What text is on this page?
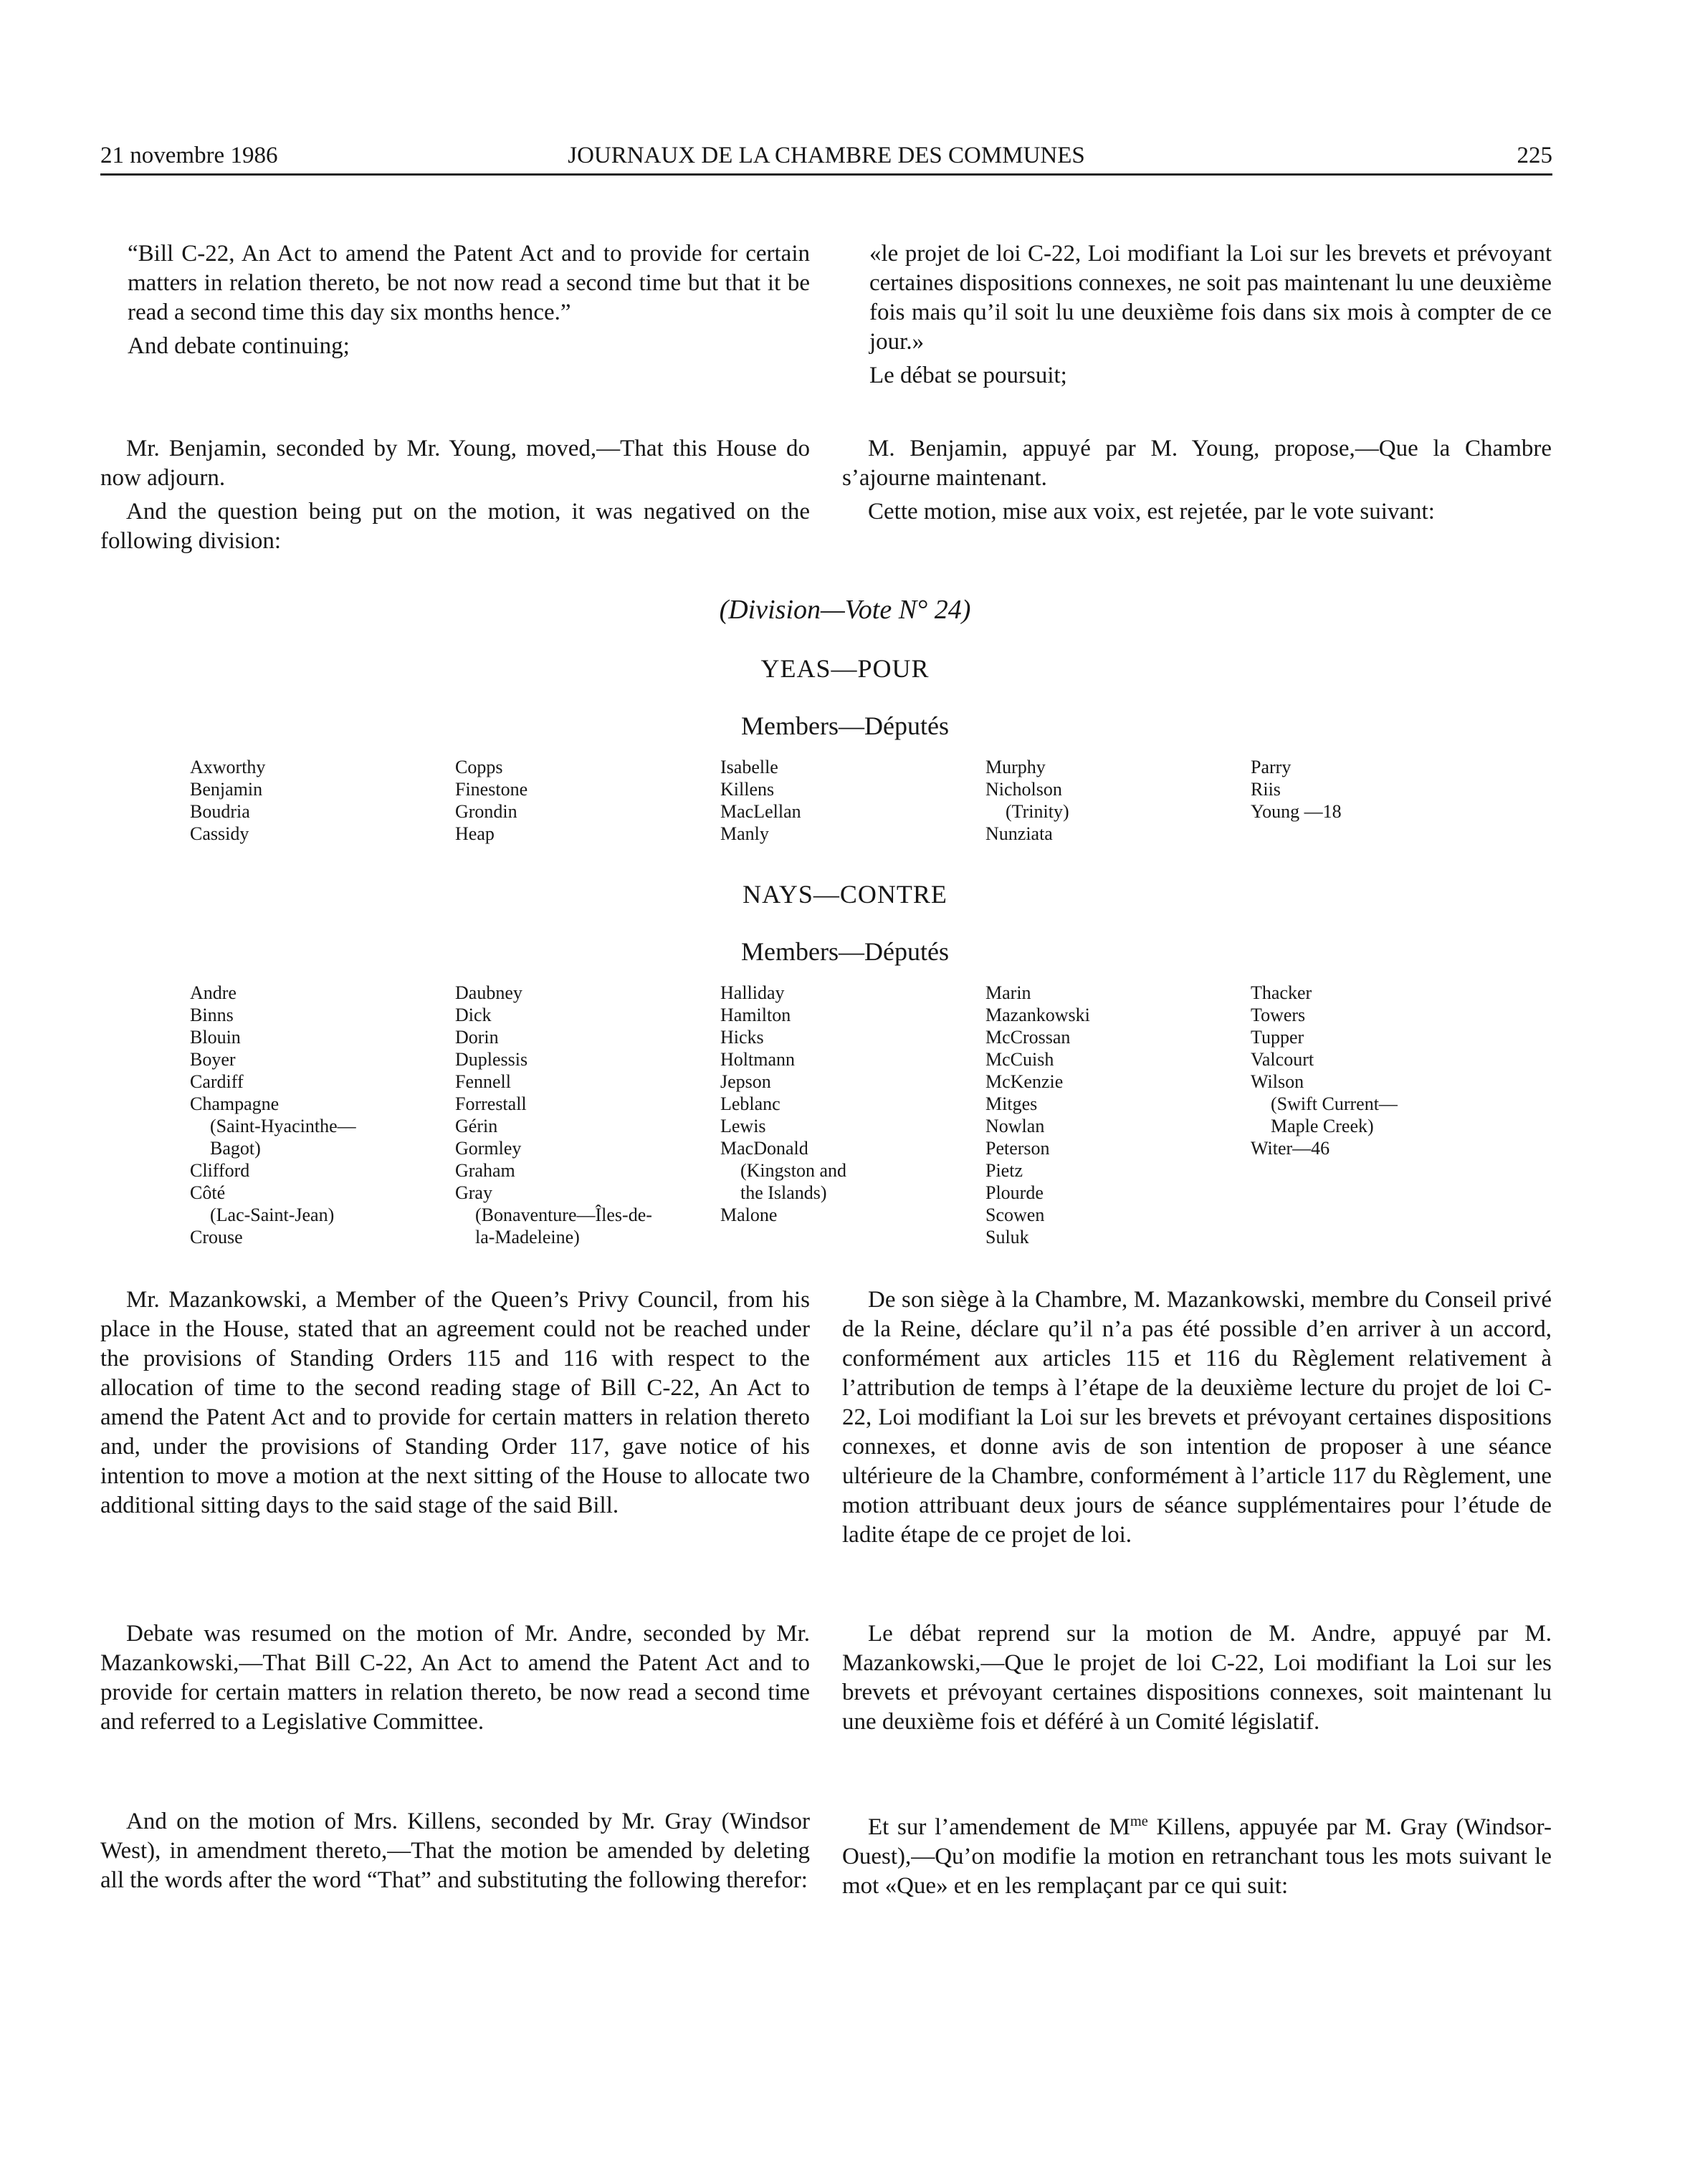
21 novembre 1986	JOURNAUX DE LA CHAMBRE DES COMMUNES	225

“Bill C-22, An Act to amend the Patent Act and to provide for certain matters in relation thereto, be not now read a second time but that it be read a second time this day six months hence.”

And debate continuing;

«le projet de loi C-22, Loi modifiant la Loi sur les brevets et prévoyant certaines dispositions connexes, ne soit pas maintenant lu une deuxième fois mais qu’il soit lu une deuxième fois dans six mois à compter de ce jour.»

Le débat se poursuit;

Mr. Benjamin, seconded by Mr. Young, moved,—That this House do now adjourn.

And the question being put on the motion, it was negatived on the following division:

M. Benjamin, appuyé par M. Young, propose,—Que la Chambre s’ajourne maintenant.

Cette motion, mise aux voix, est rejetée, par le vote suivant:

(Division—Vote N° 24)
YEAS—POUR
Members—Députés
Axworthy
Benjamin
Boudria
Cassidy
Copps
Finestone
Grondin
Heap
Isabelle
Killens
MacLellan
Manly
Murphy
Nicholson
(Trinity)
Nunziata
Parry
Riis
Young —18
NAYS—CONTRE
Members—Députés
Andre
Binns
Blouin
Boyer
Cardiff
Champagne
(Saint-Hyacinthe—
Bagot)
Clifford
Côté
(Lac-Saint-Jean)
Crouse
Daubney
Dick
Dorin
Duplessis
Fennell
Forrestall
Gérin
Gormley
Graham
Gray
(Bonaventure—Îles-de-
la-Madeleine)
Halliday
Hamilton
Hicks
Holtmann
Jepson
Leblanc
Lewis
MacDonald
(Kingston and
the Islands)
Malone
Marin
Mazankowski
McCrossan
McCuish
McKenzie
Mitges
Nowlan
Peterson
Pietz
Plourde
Scowen
Suluk
Thacker
Towers
Tupper
Valcourt
Wilson
(Swift Current—
Maple Creek)
Witer—46

Mr. Mazankowski, a Member of the Queen’s Privy Council, from his place in the House, stated that an agreement could not be reached under the provisions of Standing Orders 115 and 116 with respect to the allocation of time to the second reading stage of Bill C-22, An Act to amend the Patent Act and to provide for certain matters in relation thereto and, under the provisions of Standing Order 117, gave notice of his intention to move a motion at the next sitting of the House to allocate two additional sitting days to the said stage of the said Bill.

De son siège à la Chambre, M. Mazankowski, membre du Conseil privé de la Reine, déclare qu’il n’a pas été possible d’en arriver à un accord, conformément aux articles 115 et 116 du Règlement relativement à l’attribution de temps à l’étape de la deuxième lecture du projet de loi C-22, Loi modifiant la Loi sur les brevets et prévoyant certaines dispositions connexes, et donne avis de son intention de proposer à une séance ultérieure de la Chambre, conformément à l’article 117 du Règlement, une motion attribuant deux jours de séance supplémentaires pour l’étude de ladite étape de ce projet de loi.

Debate was resumed on the motion of Mr. Andre, seconded by Mr. Mazankowski,—That Bill C-22, An Act to amend the Patent Act and to provide for certain matters in relation thereto, be now read a second time and referred to a Legislative Committee.

Le débat reprend sur la motion de M. Andre, appuyé par M. Mazankowski,—Que le projet de loi C-22, Loi modifiant la Loi sur les brevets et prévoyant certaines dispositions connexes, soit maintenant lu une deuxième fois et déféré à un Comité législatif.

And on the motion of Mrs. Killens, seconded by Mr. Gray (Windsor West), in amendment thereto,—That the motion be amended by deleting all the words after the word “That” and substituting the following therefor:

Et sur l’amendement de $M^{me}$ Killens, appuyée par M. Gray (Windsor-Ouest),—Qu’on modifie la motion en retranchant tous les mots suivant le mot «Que» et en les remplaçant par ce qui suit:
